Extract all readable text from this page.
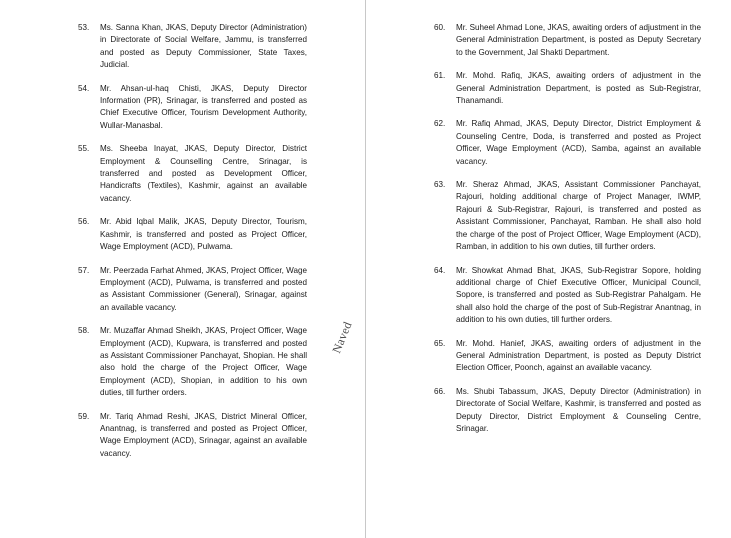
53.	Ms. Sanna Khan, JKAS, Deputy Director (Administration) in Directorate of Social Welfare, Jammu, is transferred and posted as Deputy Commissioner, State Taxes, Judicial.
54.	Mr. Ahsan-ul-haq Chisti, JKAS, Deputy Director Information (PR), Srinagar, is transferred and posted as Chief Executive Officer, Tourism Development Authority, Wullar-Manasbal.
55.	Ms. Sheeba Inayat, JKAS, Deputy Director, District Employment & Counselling Centre, Srinagar, is transferred and posted as Development Officer, Handicrafts (Textiles), Kashmir, against an available vacancy.
56.	Mr. Abid Iqbal Malik, JKAS, Deputy Director, Tourism, Kashmir, is transferred and posted as Project Officer, Wage Employment (ACD), Pulwama.
57.	Mr. Peerzada Farhat Ahmed, JKAS, Project Officer, Wage Employment (ACD), Pulwama, is transferred and posted as Assistant Commissioner (General), Srinagar, against an available vacancy.
58.	Mr. Muzaffar Ahmad Sheikh, JKAS, Project Officer, Wage Employment (ACD), Kupwara, is transferred and posted as Assistant Commissioner Panchayat, Shopian. He shall also hold the charge of the Project Officer, Wage Employment (ACD), Shopian, in addition to his own duties, till further orders.
59.	Mr. Tariq Ahmad Reshi, JKAS, District Mineral Officer, Anantnag, is transferred and posted as Project Officer, Wage Employment (ACD), Srinagar, against an available vacancy.
Naved
60.	Mr. Suheel Ahmad Lone, JKAS, awaiting orders of adjustment in the General Administration Department, is posted as Deputy Secretary to the Government, Jal Shakti Department.
61.	Mr. Mohd. Rafiq, JKAS, awaiting orders of adjustment in the General Administration Department, is posted as Sub-Registrar, Thanamandi.
62.	Mr. Rafiq Ahmad, JKAS, Deputy Director, District Employment & Counseling Centre, Doda, is transferred and posted as Project Officer, Wage Employment (ACD), Samba, against an available vacancy.
63.	Mr. Sheraz Ahmad, JKAS, Assistant Commissioner Panchayat, Rajouri, holding additional charge of Project Manager, IWMP, Rajouri & Sub-Registrar, Rajouri, is transferred and posted as Assistant Commissioner, Panchayat, Ramban. He shall also hold the charge of the post of Project Officer, Wage Employment (ACD), Ramban, in addition to his own duties, till further orders.
64.	Mr. Showkat Ahmad Bhat, JKAS, Sub-Registrar Sopore, holding additional charge of Chief Executive Officer, Municipal Council, Sopore, is transferred and posted as Sub-Registrar Pahalgam. He shall also hold the charge of the post of Sub-Registrar Anantnag, in addition to his own duties, till further orders.
65.	Mr. Mohd. Hanief, JKAS, awaiting orders of adjustment in the General Administration Department, is posted as Deputy District Election Officer, Poonch, against an available vacancy.
66.	Ms. Shubi Tabassum, JKAS, Deputy Director (Administration) in Directorate of Social Welfare, Kashmir, is transferred and posted as Deputy Director, District Employment & Counseling Centre, Srinagar.
